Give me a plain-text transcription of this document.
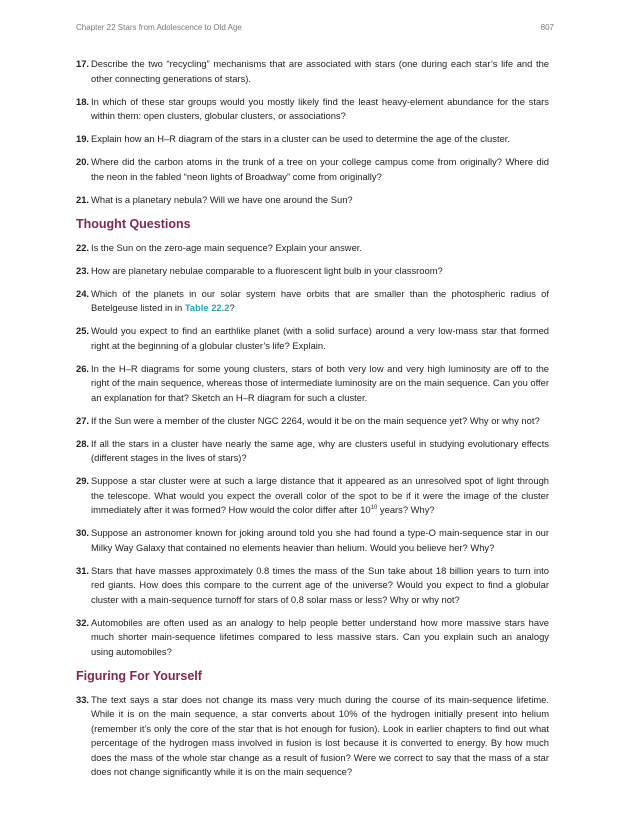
Chapter 22 Stars from Adolescence to Old Age	807
17. Describe the two “recycling” mechanisms that are associated with stars (one during each star’s life and the other connecting generations of stars).
18. In which of these star groups would you mostly likely find the least heavy-element abundance for the stars within them: open clusters, globular clusters, or associations?
19. Explain how an H–R diagram of the stars in a cluster can be used to determine the age of the cluster.
20. Where did the carbon atoms in the trunk of a tree on your college campus come from originally? Where did the neon in the fabled “neon lights of Broadway” come from originally?
21. What is a planetary nebula? Will we have one around the Sun?
Thought Questions
22. Is the Sun on the zero-age main sequence? Explain your answer.
23. How are planetary nebulae comparable to a fluorescent light bulb in your classroom?
24. Which of the planets in our solar system have orbits that are smaller than the photospheric radius of Betelgeuse listed in in Table 22.2?
25. Would you expect to find an earthlike planet (with a solid surface) around a very low-mass star that formed right at the beginning of a globular cluster’s life? Explain.
26. In the H–R diagrams for some young clusters, stars of both very low and very high luminosity are off to the right of the main sequence, whereas those of intermediate luminosity are on the main sequence. Can you offer an explanation for that? Sketch an H–R diagram for such a cluster.
27. If the Sun were a member of the cluster NGC 2264, would it be on the main sequence yet? Why or why not?
28. If all the stars in a cluster have nearly the same age, why are clusters useful in studying evolutionary effects (different stages in the lives of stars)?
29. Suppose a star cluster were at such a large distance that it appeared as an unresolved spot of light through the telescope. What would you expect the overall color of the spot to be if it were the image of the cluster immediately after it was formed? How would the color differ after $10^{10}$ years? Why?
30. Suppose an astronomer known for joking around told you she had found a type-O main-sequence star in our Milky Way Galaxy that contained no elements heavier than helium. Would you believe her? Why?
31. Stars that have masses approximately 0.8 times the mass of the Sun take about 18 billion years to turn into red giants. How does this compare to the current age of the universe? Would you expect to find a globular cluster with a main-sequence turnoff for stars of 0.8 solar mass or less? Why or why not?
32. Automobiles are often used as an analogy to help people better understand how more massive stars have much shorter main-sequence lifetimes compared to less massive stars. Can you explain such an analogy using automobiles?
Figuring For Yourself
33. The text says a star does not change its mass very much during the course of its main-sequence lifetime. While it is on the main sequence, a star converts about 10% of the hydrogen initially present into helium (remember it’s only the core of the star that is hot enough for fusion). Look in earlier chapters to find out what percentage of the hydrogen mass involved in fusion is lost because it is converted to energy. By how much does the mass of the whole star change as a result of fusion? Were we correct to say that the mass of a star does not change significantly while it is on the main sequence?
